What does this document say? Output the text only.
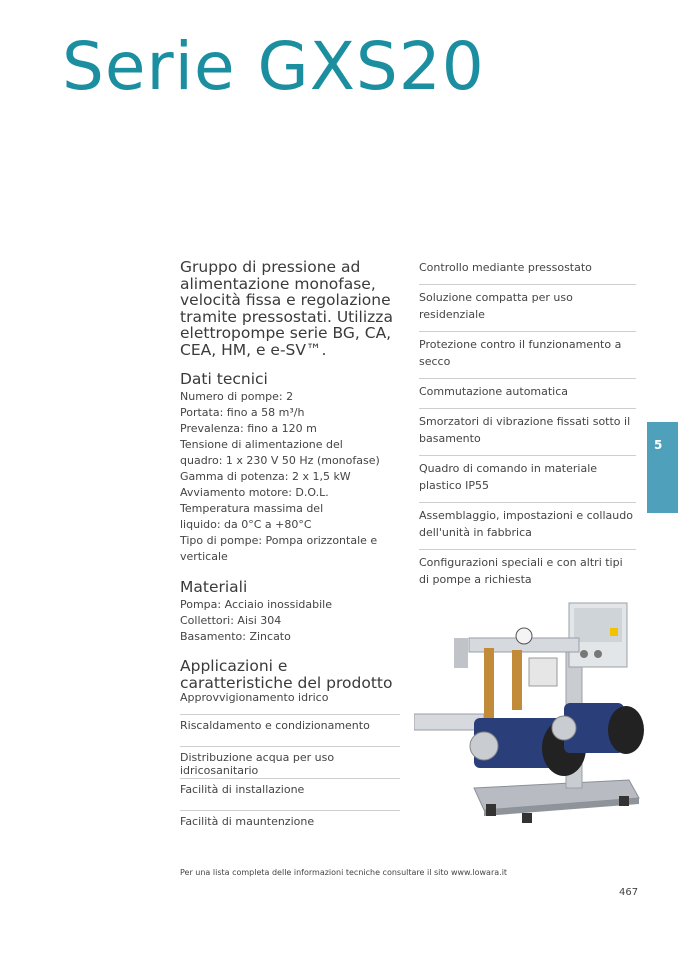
Serie GXS20
Gruppo di pressione ad alimentazione monofase, velocità fissa e regolazione tramite pressostati. Utilizza elettropompe serie BG, CA, CEA, HM, e e-SV™.
Dati tecnici
Numero di pompe: 2
Portata: fino a 58 m³/h
Prevalenza: fino a 120 m
Tensione di alimentazione del
quadro: 1 x 230 V 50 Hz (monofase)
Gamma di potenza: 2 x 1,5 kW
Avviamento motore: D.O.L.
Temperatura massima del
liquido: da 0°C a +80°C
Tipo di pompe: Pompa orizzontale e
verticale
Materiali
Pompa: Acciaio inossidabile
Collettori: Aisi 304
Basamento: Zincato
Applicazioni e
caratteristiche del prodotto
Approvvigionamento idrico
Riscaldamento e condizionamento
Distribuzione acqua per uso idricosanitario
Facilità di installazione
Facilità di mauntenzione
Controllo mediante pressostato
Soluzione compatta per uso residenziale
Protezione contro il funzionamento a secco
Commutazione automatica
Smorzatori di vibrazione fissati sotto il basamento
Quadro di comando in materiale plastico IP55
Assemblaggio, impostazioni e collaudo dell'unità in fabbrica
Configurazioni speciali e con altri tipi di pompe a richiesta
5
Per una lista completa delle informazioni tecniche consultare il sito www.lowara.it
467
